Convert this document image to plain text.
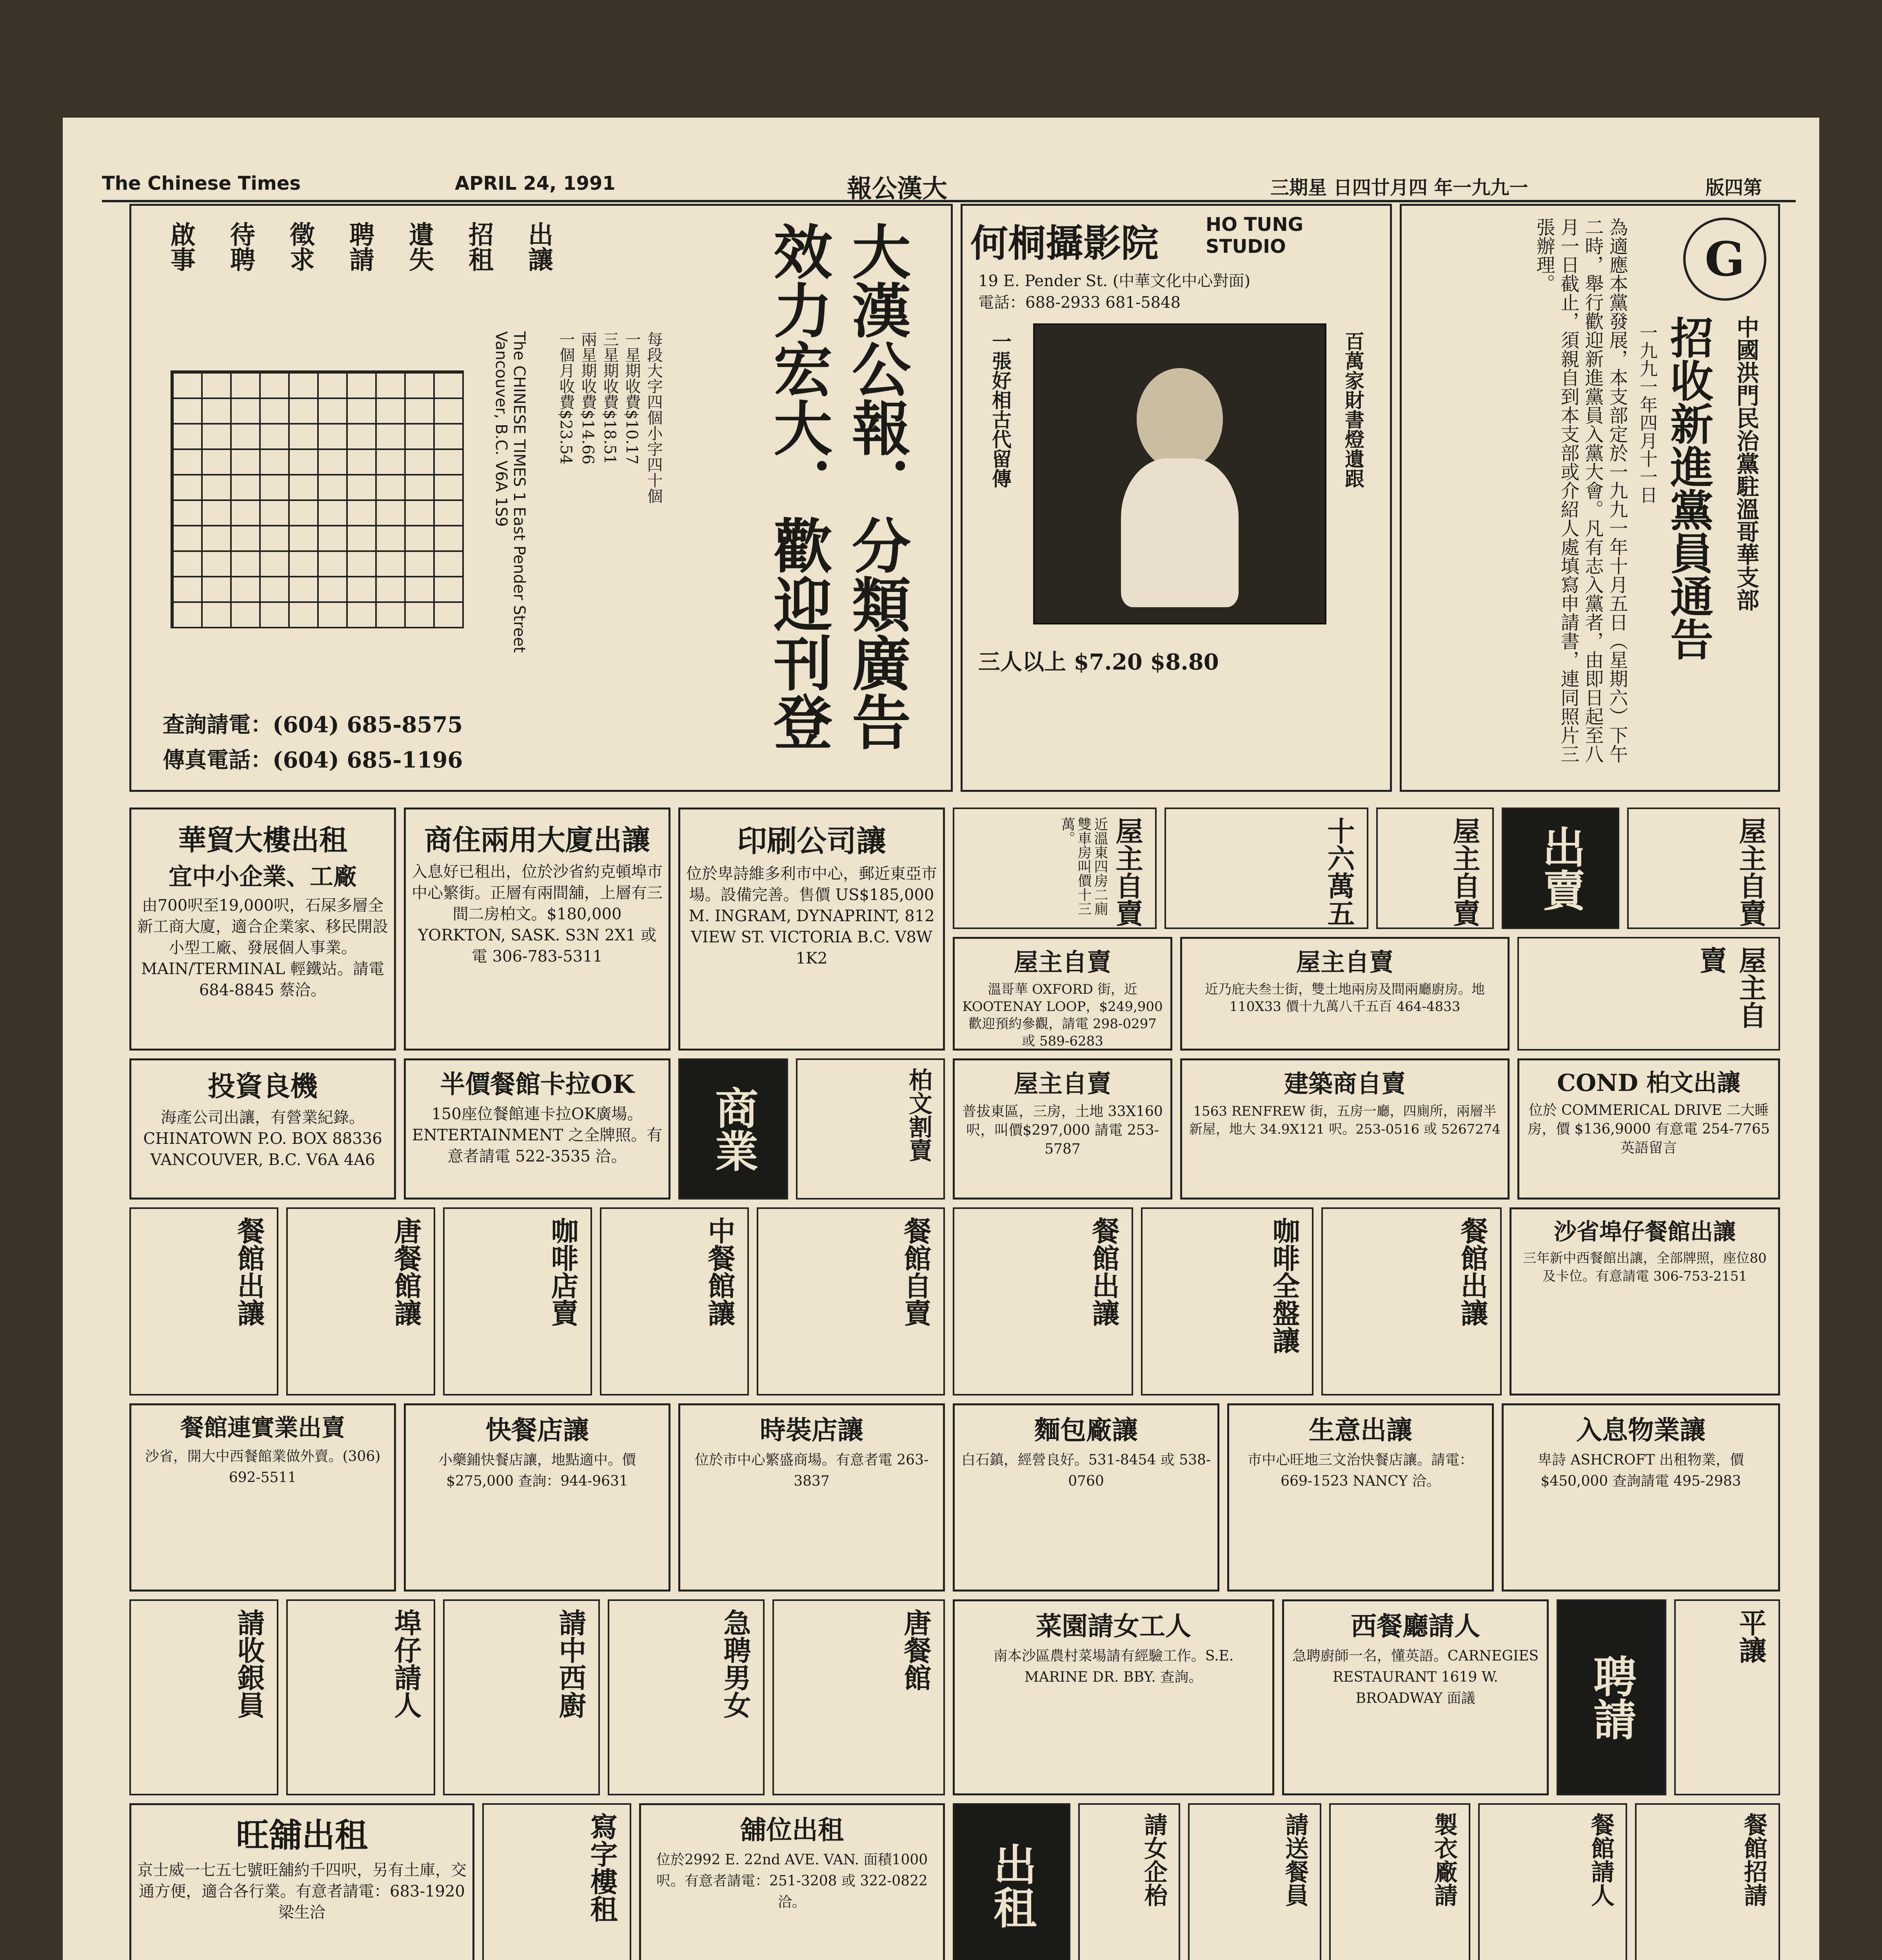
The Chinese Times	APRIL 24, 1991	報公漢大	三期星 日四廿月四 年一九九一	版四第
大漢公報．分類廣告
效力宏大．歡迎刊登
啟事 待聘 徵求 聘請 遺失 招租 出讓
每段大字四個小字四十個
一星期收費$10.17
三星期收費$18.51
兩星期收費$14.66
一個月收費$23.54
The CHINESE TIMES 1 East Pender Street Vancouver, B.C. V6A 1S9
查詢請電：(604) 685-8575
傳真電話：(604) 685-1196
何桐攝影院	HO TUNG STUDIO
19 E. Pender St. (中華文化中心對面)
電話：688-2933 681-5848
一張好相古代留傳	百萬家財書燈遺跟
三人以上 $7.20 $8.80
G
中國洪門民治黨駐溫哥華支部
招收新進黨員通告
一九九一年四月十一日
為適應本黨發展，本支部定於一九九一年十月五日（星期六）下午二時，舉行歡迎新進黨員入黨大會。凡有志入黨者，由即日起至八月一日截止，須親自到本支部或介紹人處填寫申請書，連同照片三張辦理。
華貿大樓出租
宜中小企業、工廠
由700呎至19,000呎，石屎多層全新工商大廈，適合企業家、移民開設小型工廠、發展個人事業。MAIN/TERMINAL 輕鐵站。請電 684-8845 蔡洽。
商住兩用大廈出讓
入息好已租出，位於沙省約克頓埠市中心繁街。正層有兩間舖，上層有三間二房柏文。$180,000 YORKTON, SASK. S3N 2X1 或電 306-783-5311
印刷公司讓
位於卑詩維多利市中心，郵近東亞市場。設備完善。售價 US$185,000 M. INGRAM, DYNAPRINT, 812 VIEW ST. VICTORIA B.C. V8W 1K2
屋主自賣
近溫東四房二廁雙車房叫價十三萬。	十六萬五	屋主自賣 出賣	屋主自賣
屋主自賣
溫哥華 OXFORD 街，近 KOOTENAY LOOP，$249,900 歡迎預約參觀，請電 298-0297 或 589-6283
屋主自賣
近乃庇夫叁士街，雙土地兩房及間兩廳廚房。地 110X33 價十九萬八千五百 464-4833	屋主自賣
投資良機
海產公司出讓，有營業紀錄。CHINATOWN P.O. BOX 88336 VANCOUVER, B.C. V6A 4A6
半價餐館卡拉OK
150座位餐館連卡拉OK廣場。ENTERTAINMENT 之全牌照。有意者請電 522-3535 洽。	商業	柏文割賣	屋主自賣
普拔東區，三房，土地 33X160 呎，叫價$297,000 請電 253-5787
建築商自賣
1563 RENFREW 街，五房一廳，四廁所，兩層半新屋，地大 34.9X121 呎。253-0516 或 5267274
COND 柏文出讓
位於 COMMERICAL DRIVE 二大睡房，價 $136,9000 有意電 254-7765 英語留言
餐館出讓	唐餐館讓	咖啡店賣	中餐館讓	餐館自賣	餐館出讓	咖啡全盤讓	餐館出讓	沙省埠仔餐館出讓
三年新中西餐館出讓，全部牌照，座位80及卡位。有意請電 306-753-2151
餐館連實業出賣
沙省，開大中西餐館業做外賣。(306) 692-5511
快餐店讓
小藥鋪快餐店讓，地點適中。價$275,000 查詢：944-9631
時裝店讓
位於市中心繁盛商場。有意者電 263-3837
麵包廠讓
白石鎮，經營良好。531-8454 或 538-0760
生意出讓
市中心旺地三文治快餐店讓。請電：669-1523 NANCY 洽。
入息物業讓
卑詩 ASHCROFT 出租物業，價$450,000 查詢請電 495-2983
請收銀員	埠仔請人	請中西廚	急聘男女	唐餐館	菜園請女工人
南本沙區農村菜場請有經驗工作。S.E. MARINE DR. BBY. 查詢。
西餐廳請人
急聘廚師一名，懂英語。CARNEGIES RESTAURANT 1619 W. BROADWAY 面議	聘請
平讓
旺舖出租
京士威一七五七號旺舖約千四呎，另有土庫，交通方便，適合各行業。有意者請電：683-1920 梁生洽	寫字樓租	舖位出租
位於2992 E. 22nd AVE. VAN. 面積1000呎。有意者請電：251-3208 或 322-0822 洽。	出租	請女企枱	請送餐員	製衣廠請	餐館請人	餐館招請
